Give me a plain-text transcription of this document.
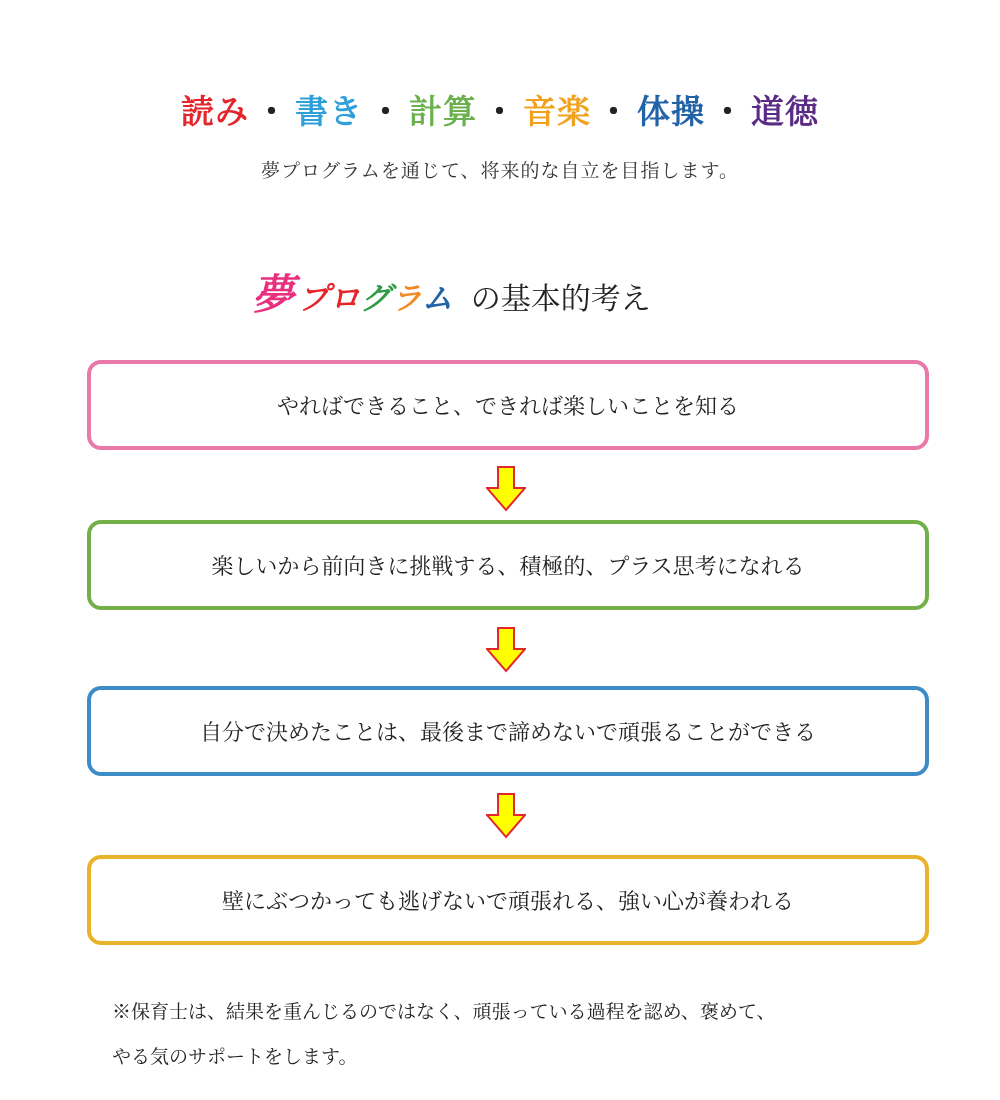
読み ・ 書き ・ 計算 ・ 音楽 ・ 体操 ・ 道徳
夢プログラムを通じて、将来的な自立を目指します。
夢 プログラム の基本的考え
やればできること、できれば楽しいことを知る
楽しいから前向きに挑戦する、積極的、プラス思考になれる
自分で決めたことは、最後まで諦めないで頑張ることができる
壁にぶつかっても逃げないで頑張れる、強い心が養われる
※保育士は、結果を重んじるのではなく、頑張っている過程を認め、褒めて、
やる気のサポートをします。
